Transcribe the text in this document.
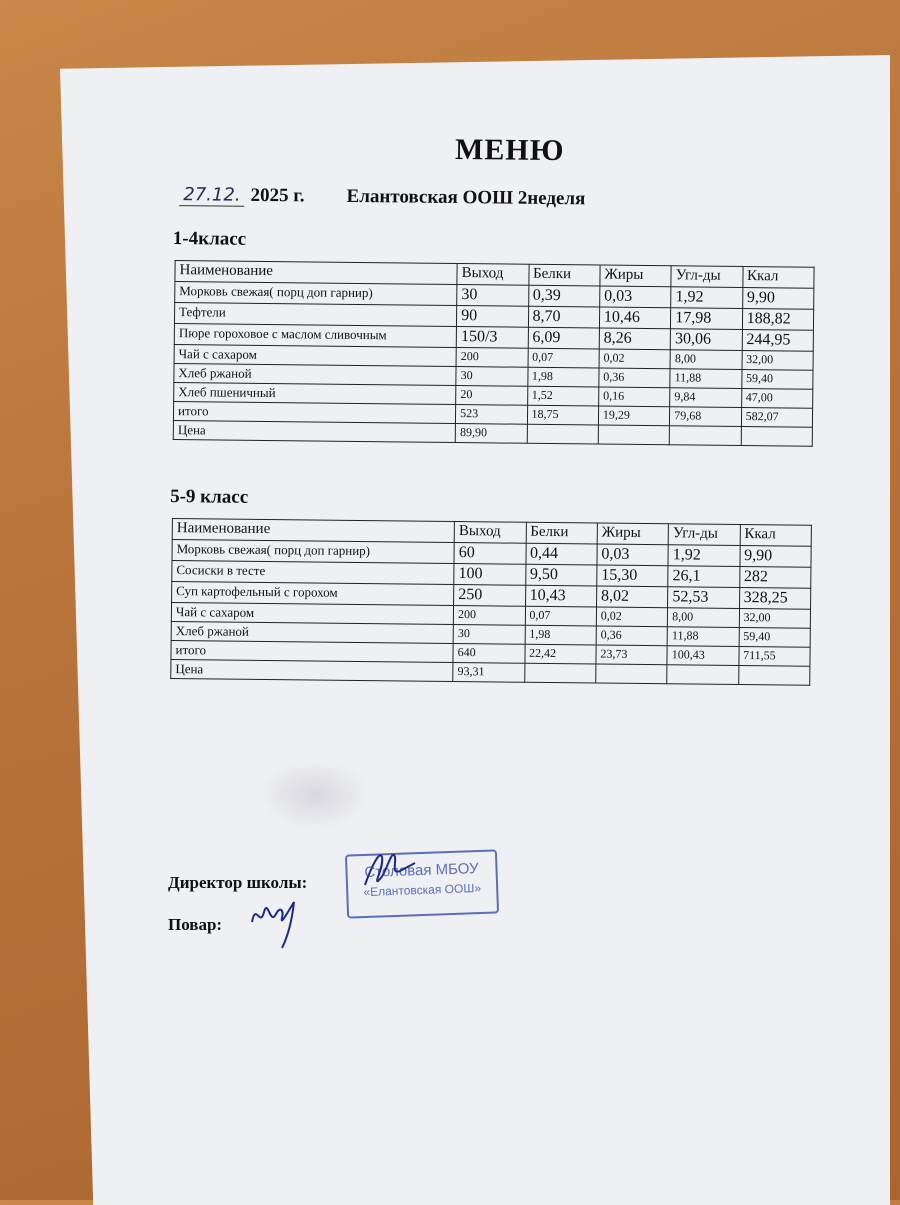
МЕНЮ
27.12. 2025 г. Елантовская ООШ 2неделя
1-4класс
Наименование	Выход	Белки	Жиры	Угл-ды	Ккал
Морковь свежая( порц доп гарнир)	30	0,39	0,03	1,92	9,90
Тефтели	90	8,70	10,46	17,98	188,82
Пюре гороховое с маслом сливочным	150/3	6,09	8,26	30,06	244,95
Чай с сахаром	200	0,07	0,02	8,00	32,00
Хлеб ржаной	30	1,98	0,36	11,88	59,40
Хлеб пшеничный	20	1,52	0,16	9,84	47,00
итого	523	18,75	19,29	79,68	582,07
Цена	89,90				
5-9 класс
Наименование	Выход	Белки	Жиры	Угл-ды	Ккал
Морковь свежая( порц доп гарнир)	60	0,44	0,03	1,92	9,90
Сосиски в тесте	100	9,50	15,30	26,1	282
Суп картофельный с горохом	250	10,43	8,02	52,53	328,25
Чай с сахаром	200	0,07	0,02	8,00	32,00
Хлеб ржаной	30	1,98	0,36	11,88	59,40
итого	640	22,42	23,73	100,43	711,55
Цена	93,31				
Директор школы:
Повар:
Столовая МБОУ
«Елантовская ООШ»
